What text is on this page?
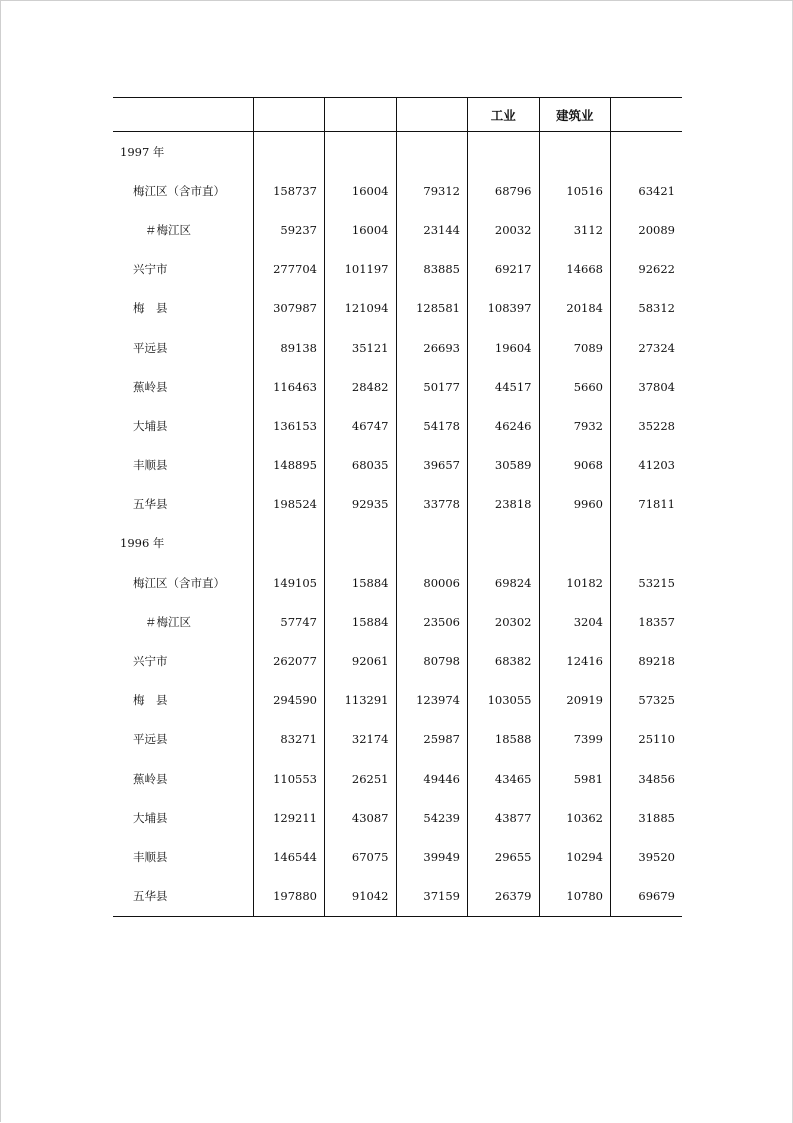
				工业	建筑业	
1997 年						
梅江区（含市直）	158737	16004	79312	68796	10516	63421
＃梅江区	59237	16004	23144	20032	3112	20089
兴宁市	277704	101197	83885	69217	14668	92622
梅　县	307987	121094	128581	108397	20184	58312
平远县	89138	35121	26693	19604	7089	27324
蕉岭县	116463	28482	50177	44517	5660	37804
大埔县	136153	46747	54178	46246	7932	35228
丰顺县	148895	68035	39657	30589	9068	41203
五华县	198524	92935	33778	23818	9960	71811
1996 年						
梅江区（含市直）	149105	15884	80006	69824	10182	53215
＃梅江区	57747	15884	23506	20302	3204	18357
兴宁市	262077	92061	80798	68382	12416	89218
梅　县	294590	113291	123974	103055	20919	57325
平远县	83271	32174	25987	18588	7399	25110
蕉岭县	110553	26251	49446	43465	5981	34856
大埔县	129211	43087	54239	43877	10362	31885
丰顺县	146544	67075	39949	29655	10294	39520
五华县	197880	91042	37159	26379	10780	69679
